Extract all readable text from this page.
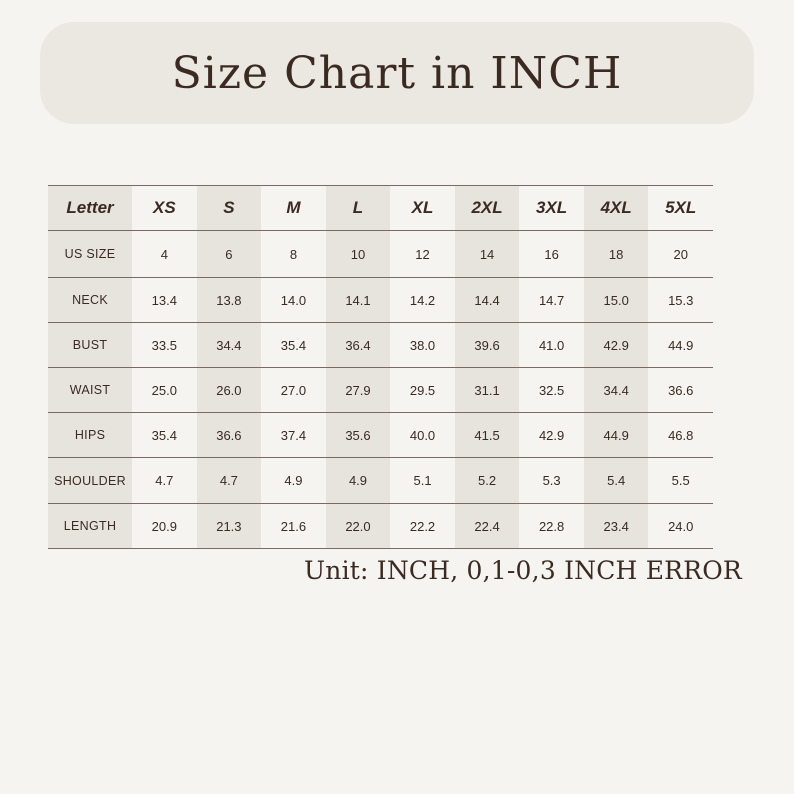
Size Chart in INCH
Letter	XS	S	M	L	XL	2XL	3XL	4XL	5XL
US SIZE	4	6	8	10	12	14	16	18	20
NECK	13.4	13.8	14.0	14.1	14.2	14.4	14.7	15.0	15.3
BUST	33.5	34.4	35.4	36.4	38.0	39.6	41.0	42.9	44.9
WAIST	25.0	26.0	27.0	27.9	29.5	31.1	32.5	34.4	36.6
HIPS	35.4	36.6	37.4	35.6	40.0	41.5	42.9	44.9	46.8
SHOULDER	4.7	4.7	4.9	4.9	5.1	5.2	5.3	5.4	5.5
LENGTH	20.9	21.3	21.6	22.0	22.2	22.4	22.8	23.4	24.0
Unit: INCH, 0,1-0,3 INCH ERROR
